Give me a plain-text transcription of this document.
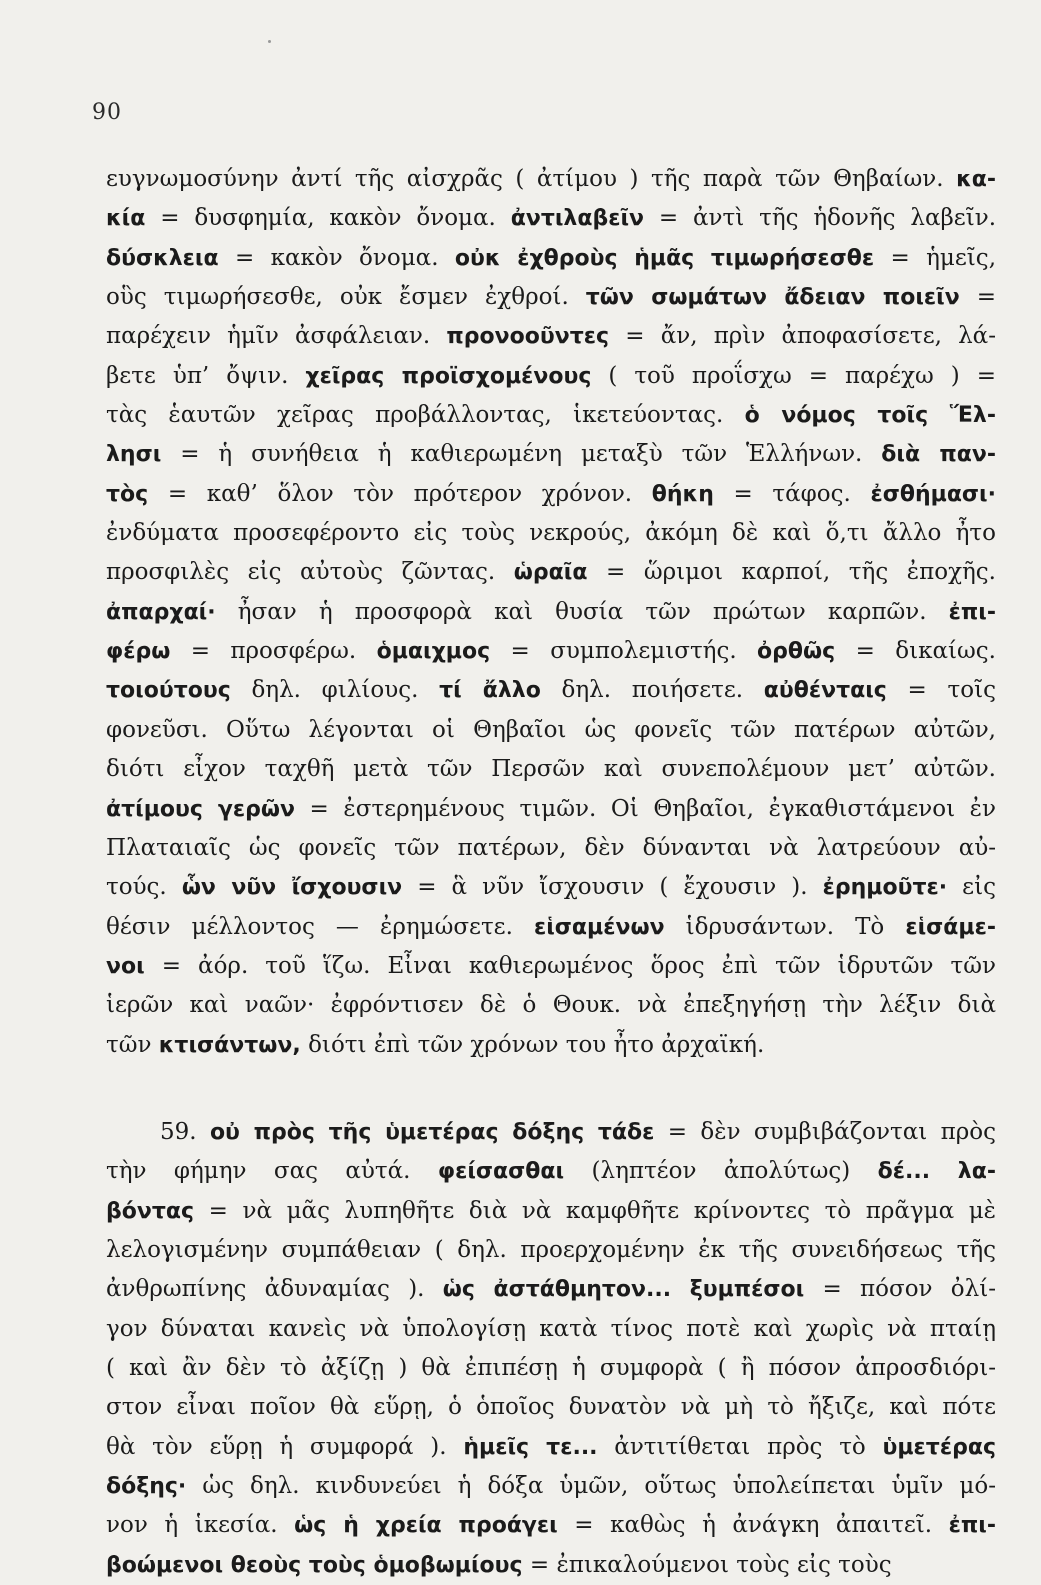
90
ευγνωμοσύνην ἀντί τῆς αἰσχρᾶς ( ἀτίμου ) τῆς παρὰ τῶν Θηβαίων. κα-
κία = δυσφημία, κακὸν ὄνομα. ἀντιλαβεῖν = ἀντὶ τῆς ἡδονῆς λαβεῖν.
δύσκλεια = κακὸν ὄνομα. οὐκ ἐχθροὺς ἡμᾶς τιμωρήσεσθε = ἡμεῖς,
οὓς τιμωρήσεσθε, οὐκ ἔσμεν ἐχθροί. τῶν σωμάτων ἄδειαν ποιεῖν =
παρέχειν ἡμῖν ἀσφάλειαν. προνοοῦντες = ἄν, πρὶν ἀποφασίσετε, λά-
βετε ὑπ’ ὄψιν. χεῖρας προϊσχομένους ( τοῦ προΐσχω = παρέχω ) =
τὰς ἑαυτῶν χεῖρας προβάλλοντας, ἱκετεύοντας. ὁ νόμος τοῖς Ἕλ-
λησι = ἡ συνήθεια ἡ καθιερωμένη μεταξὺ τῶν Ἑλλήνων. διὰ παν-
τὸς = καθ’ ὅλον τὸν πρότερον χρόνον. θήκη = τάφος. ἐσθήμασι·
ἐνδύματα προσεφέροντο εἰς τοὺς νεκρούς, ἀκόμη δὲ καὶ ὅ,τι ἄλλο ἦτο
προσφιλὲς εἰς αὐτοὺς ζῶντας. ὡραῖα = ὥριμοι καρποί, τῆς ἐποχῆς.
ἀπαρχαί· ἦσαν ἡ προσφορὰ καὶ θυσία τῶν πρώτων καρπῶν. ἐπι-
φέρω = προσφέρω. ὁμαιχμος = συμπολεμιστής. ὀρθῶς = δικαίως.
τοιούτους δηλ. φιλίους. τί ἄλλο δηλ. ποιήσετε. αὐθένταις = τοῖς
φονεῦσι. Οὕτω λέγονται οἱ Θηβαῖοι ὡς φονεῖς τῶν πατέρων αὐτῶν,
διότι εἶχον ταχθῆ μετὰ τῶν Περσῶν καὶ συνεπολέμουν μετ’ αὐτῶν.
ἀτίμους γερῶν = ἐστερημένους τιμῶν. Οἱ Θηβαῖοι, ἐγκαθιστάμενοι ἐν
Πλαταιαῖς ὡς φονεῖς τῶν πατέρων, δὲν δύνανται νὰ λατρεύουν αὐ-
τούς. ὧν νῦν ἴσχουσιν = ἃ νῦν ἴσχουσιν ( ἔχουσιν ). ἐρημοῦτε· εἰς
θέσιν μέλλοντος — ἐρημώσετε. εἱσαμένων ἱδρυσάντων. Τὸ εἱσάμε-
νοι = ἀόρ. τοῦ ἵζω. Εἶναι καθιερωμένος ὅρος ἐπὶ τῶν ἱδρυτῶν τῶν
ἱερῶν καὶ ναῶν· ἐφρόντισεν δὲ ὁ Θουκ. νὰ ἐπεξηγήσῃ τὴν λέξιν διὰ
τῶν κτισάντων, διότι ἐπὶ τῶν χρόνων του ἦτο ἀρχαϊκή.
59. οὐ πρὸς τῆς ὑμετέρας δόξης τάδε = δὲν συμβιβάζονται πρὸς
τὴν φήμην σας αὐτά. φείσασθαι (ληπτέον ἀπολύτως) δέ... λα-
βόντας = νὰ μᾶς λυπηθῆτε διὰ νὰ καμφθῆτε κρίνοντες τὸ πρᾶγμα μὲ
λελογισμένην συμπάθειαν ( δηλ. προερχομένην ἐκ τῆς συνειδήσεως τῆς
ἀνθρωπίνης ἀδυναμίας ). ὡς ἀστάθμητον... ξυμπέσοι = πόσον ὀλί-
γον δύναται κανεὶς νὰ ὑπολογίσῃ κατὰ τίνος ποτὲ καὶ χωρὶς νὰ πταίῃ
( καὶ ἂν δὲν τὸ ἀξίζῃ ) θὰ ἐπιπέσῃ ἡ συμφορὰ ( ἢ πόσον ἀπροσδιόρι-
στον εἶναι ποῖον θὰ εὕρῃ, ὁ ὁποῖος δυνατὸν νὰ μὴ τὸ ἤξιζε, καὶ πότε
θὰ τὸν εὕρῃ ἡ συμφορά ). ἡμεῖς τε... ἀντιτίθεται πρὸς τὸ ὑμετέρας
δόξης· ὡς δηλ. κινδυνεύει ἡ δόξα ὑμῶν, οὕτως ὑπολείπεται ὑμῖν μό-
νον ἡ ἱκεσία. ὡς ἡ χρεία προάγει = καθὼς ἡ ἀνάγκη ἀπαιτεῖ. ἐπι-
βοώμενοι θεοὺς τοὺς ὁμοβωμίους = ἐπικαλούμενοι τοὺς εἰς τοὺς
